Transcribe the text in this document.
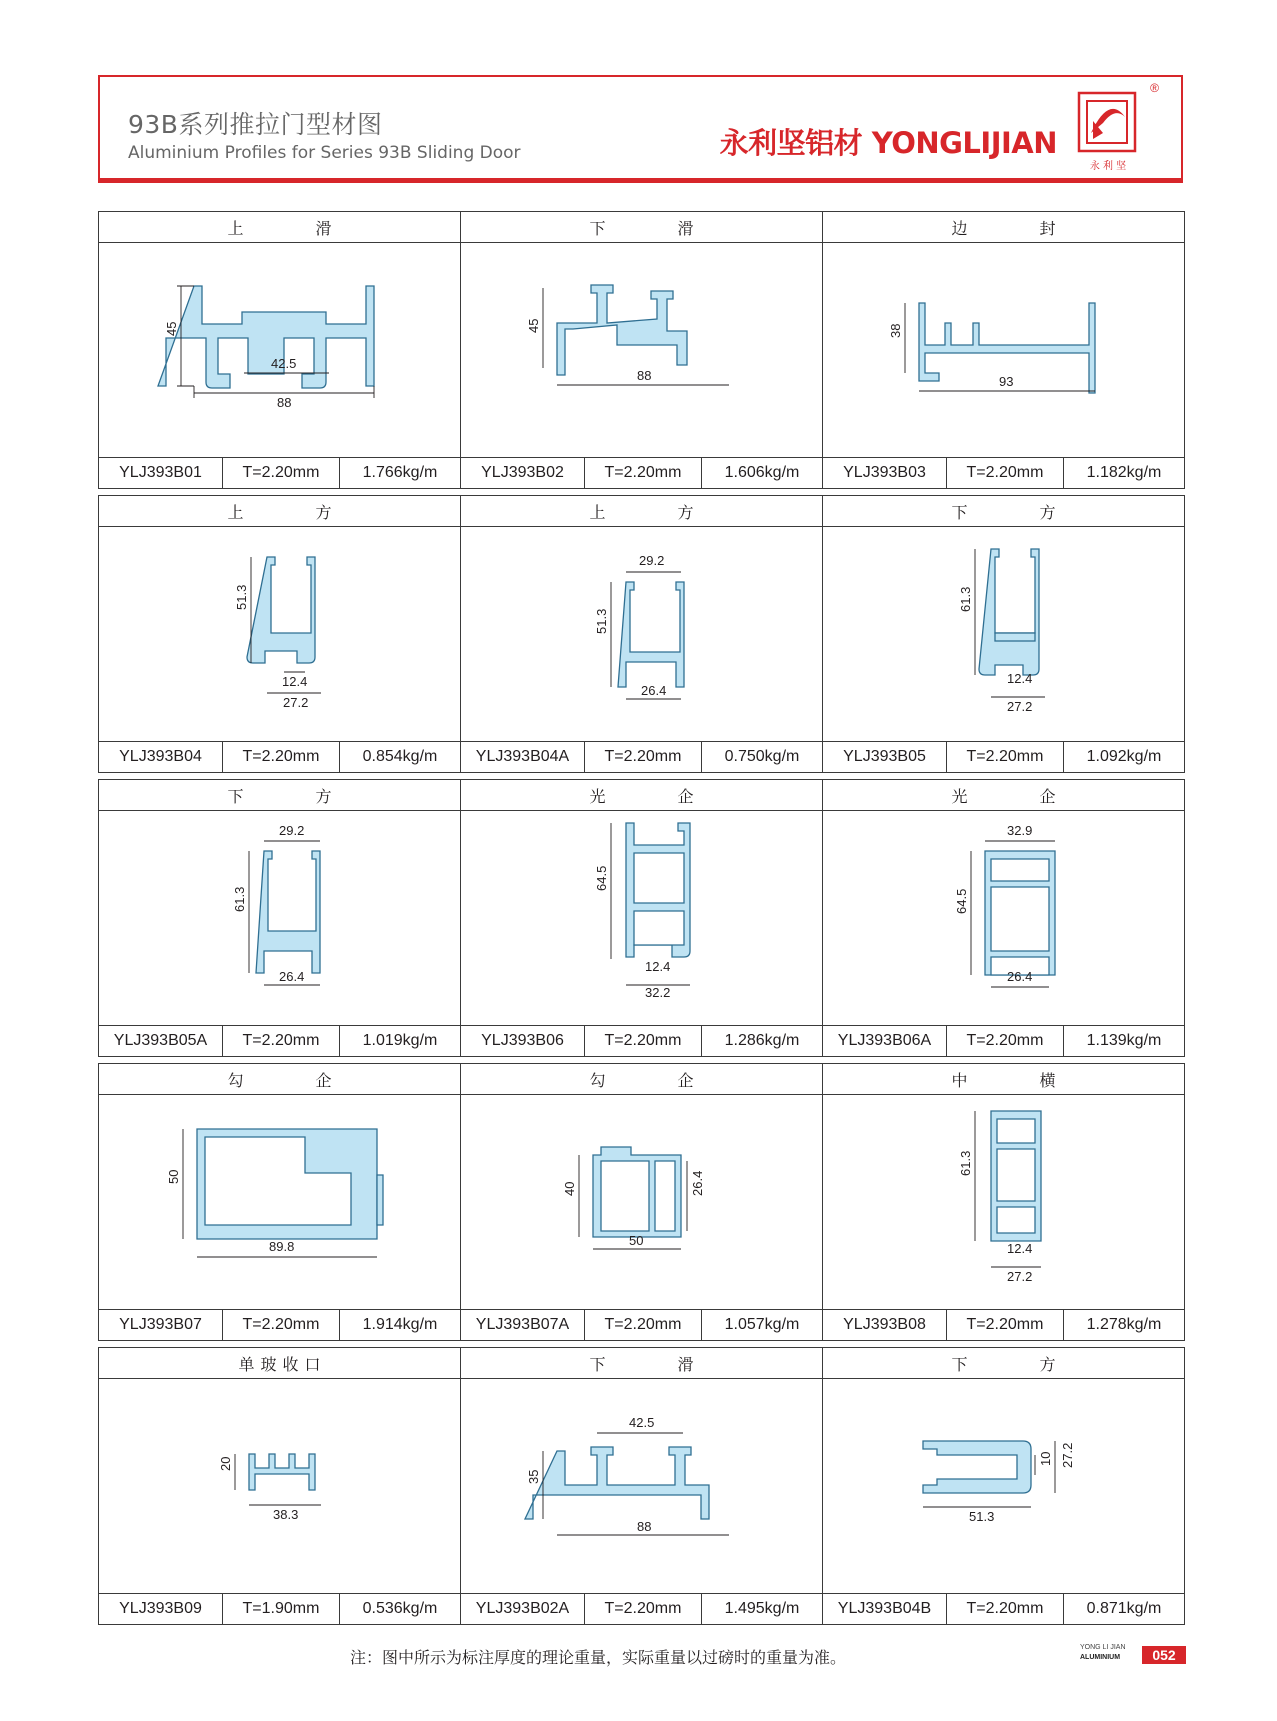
93B系列推拉门型材图
Aluminium Profiles for Series 93B Sliding Door	永利坚铝材 YONGLIJIAN
永 利 坚
®
上　滑
45
42.5
88
YLJ393B01	T=2.20mm	1.766kg/m
下　滑
45
88
YLJ393B02	T=2.20mm	1.606kg/m
边　封
38
93
YLJ393B03	T=2.20mm	1.182kg/m
上　方
51.3
12.4
27.2
YLJ393B04	T=2.20mm	0.854kg/m
上　方
29.2
51.3
26.4
YLJ393B04A	T=2.20mm	0.750kg/m
下　方
61.3
12.4
27.2
YLJ393B05	T=2.20mm	1.092kg/m
下　方
29.2
61.3
26.4
YLJ393B05A	T=2.20mm	1.019kg/m
光　企
64.5
12.4
32.2
YLJ393B06	T=2.20mm	1.286kg/m
光　企
32.9
64.5
26.4
YLJ393B06A	T=2.20mm	1.139kg/m
勾　企
50
89.8
YLJ393B07	T=2.20mm	1.914kg/m
勾　企
40	26.4
50
YLJ393B07A	T=2.20mm	1.057kg/m
中　横
61.3
12.4
27.2
YLJ393B08	T=2.20mm	1.278kg/m
单玻收口
20
38.3
YLJ393B09	T=1.90mm	0.536kg/m
下　滑
42.5
35
88
YLJ393B02A	T=2.20mm	1.495kg/m
下　方
10 27.2
51.3
YLJ393B04B	T=2.20mm	0.871kg/m
注：图中所示为标注厚度的理论重量，实际重量以过磅时的重量为准。
YONG LI JIAN
ALUMINIUM	052
